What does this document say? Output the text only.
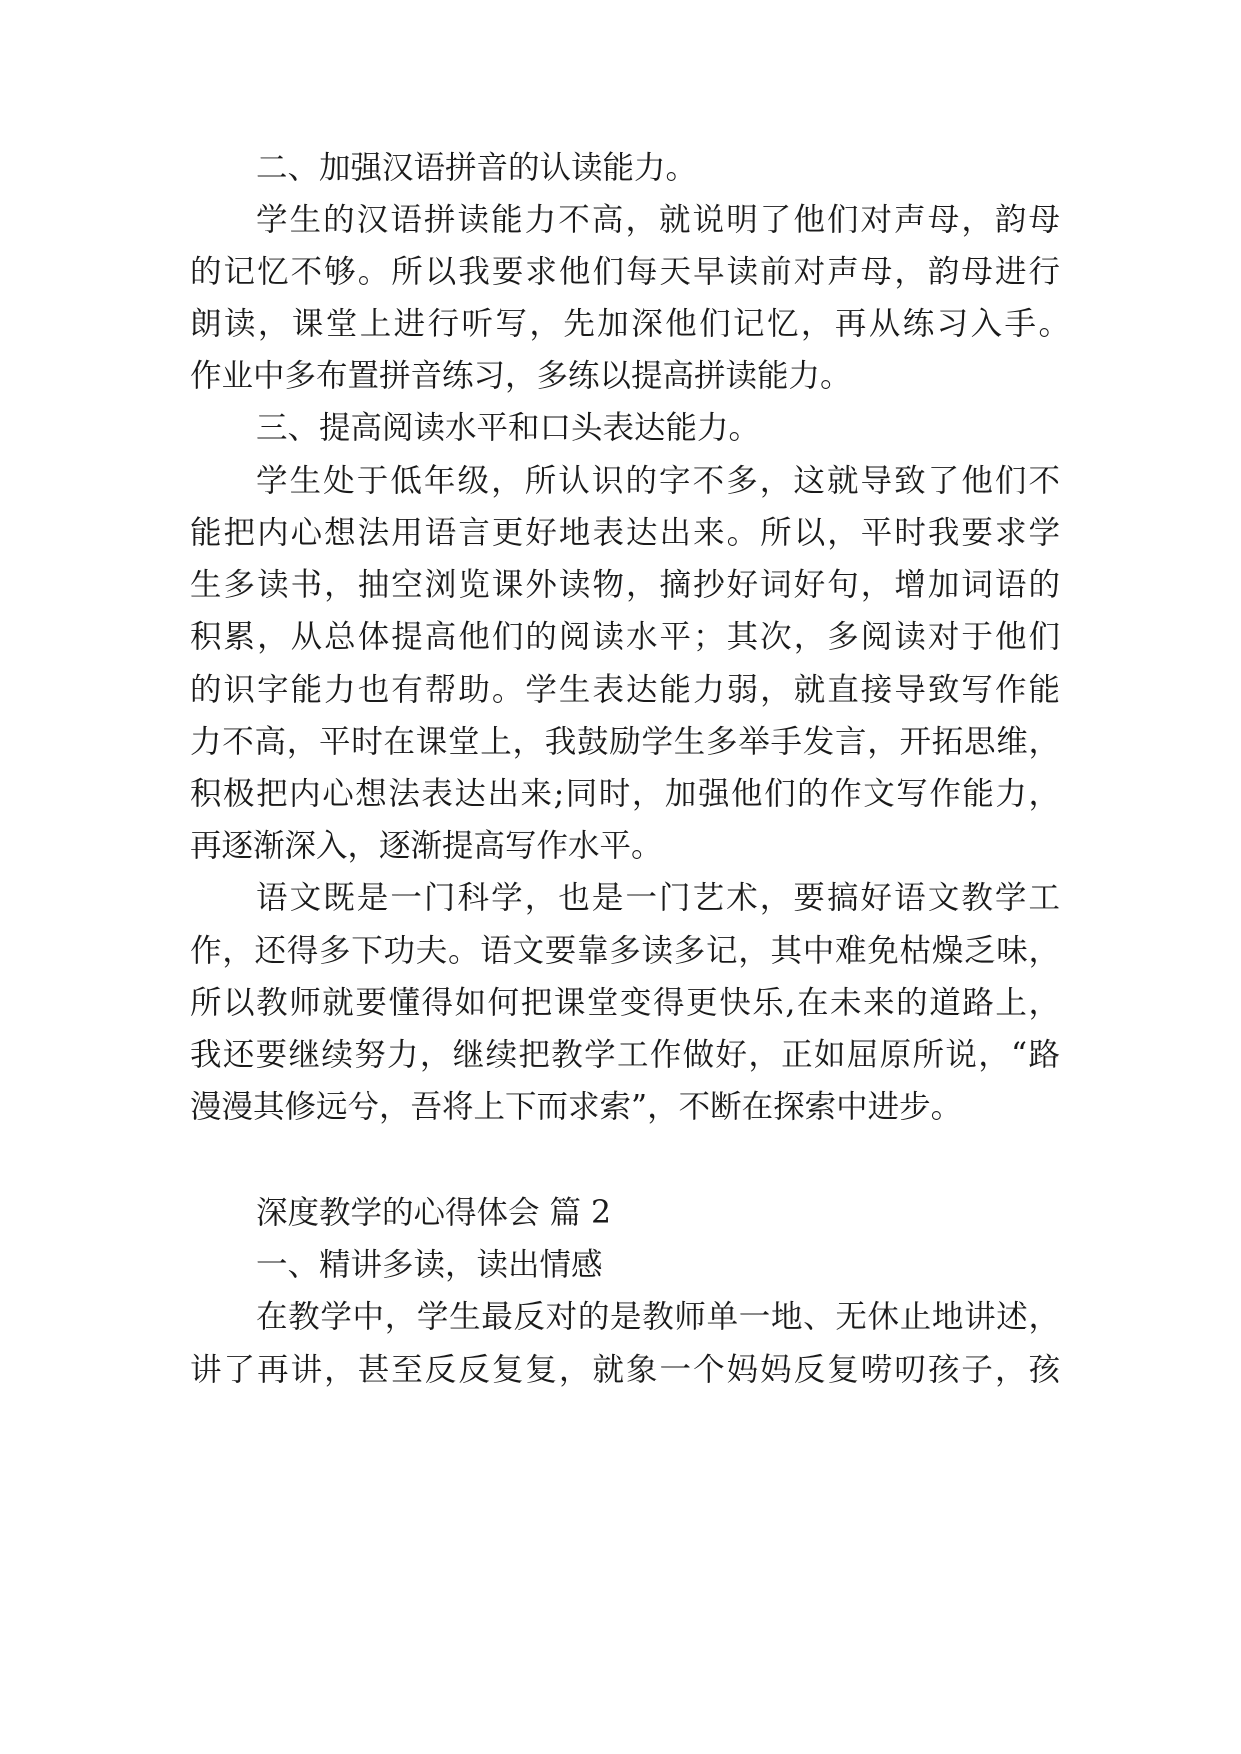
二、加强汉语拼音的认读能力。
学生的汉语拼读能力不高，就说明了他们对声母，韵母
的记忆不够。所以我要求他们每天早读前对声母，韵母进行
朗读，课堂上进行听写，先加深他们记忆，再从练习入手。
作业中多布置拼音练习，多练以提高拼读能力。
三、提高阅读水平和口头表达能力。
学生处于低年级，所认识的字不多，这就导致了他们不
能把内心想法用语言更好地表达出来。所以，平时我要求学
生多读书，抽空浏览课外读物，摘抄好词好句，增加词语的
积累，从总体提高他们的阅读水平；其次，多阅读对于他们
的识字能力也有帮助。学生表达能力弱，就直接导致写作能
力不高，平时在课堂上，我鼓励学生多举手发言，开拓思维，
积极把内心想法表达出来;同时，加强他们的作文写作能力，
再逐渐深入，逐渐提高写作水平。
语文既是一门科学，也是一门艺术，要搞好语文教学工
作，还得多下功夫。语文要靠多读多记，其中难免枯燥乏味，
所以教师就要懂得如何把课堂变得更快乐,在未来的道路上，
我还要继续努力，继续把教学工作做好，正如屈原所说，“路
漫漫其修远兮，吾将上下而求索”，不断在探索中进步。
深度教学的心得体会 篇 2
一、精讲多读，读出情感
在教学中，学生最反对的是教师单一地、无休止地讲述，
讲了再讲，甚至反反复复，就象一个妈妈反复唠叨孩子，孩
